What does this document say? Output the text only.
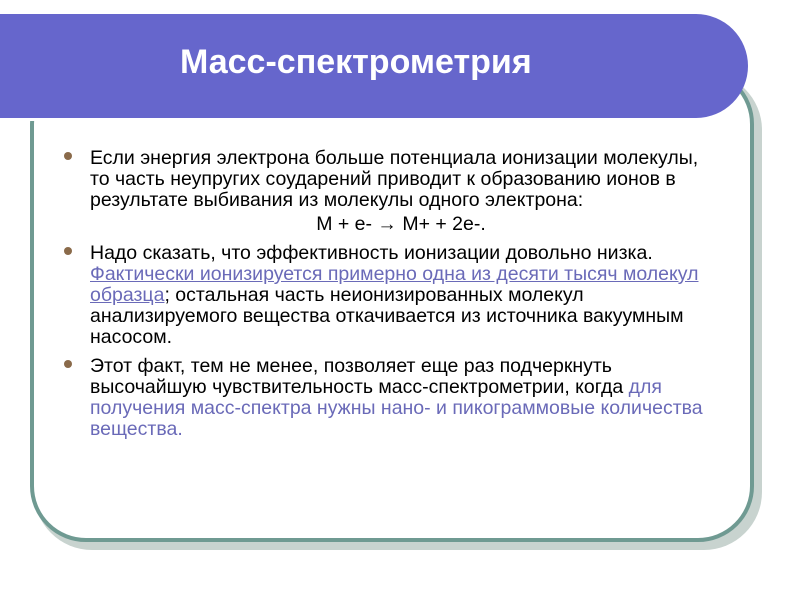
Масс-спектрометрия
Если энергия электрона больше потенциала ионизации молекулы, то часть неупругих соударений приводит к образованию ионов в результате выбивания из молекулы одного электрона:
M + e- → M+ + 2e-.
Надо сказать, что эффективность ионизации довольно низка. Фактически ионизируется примерно одна из десяти тысяч молекул образца; остальная часть неионизированных молекул анализируемого вещества откачивается из источника вакуумным насосом.
Этот факт, тем не менее, позволяет еще раз подчеркнуть высочайшую чувствительность масс-спектрометрии, когда для получения масс-спектра нужны нано- и пикограммовые количества вещества.
